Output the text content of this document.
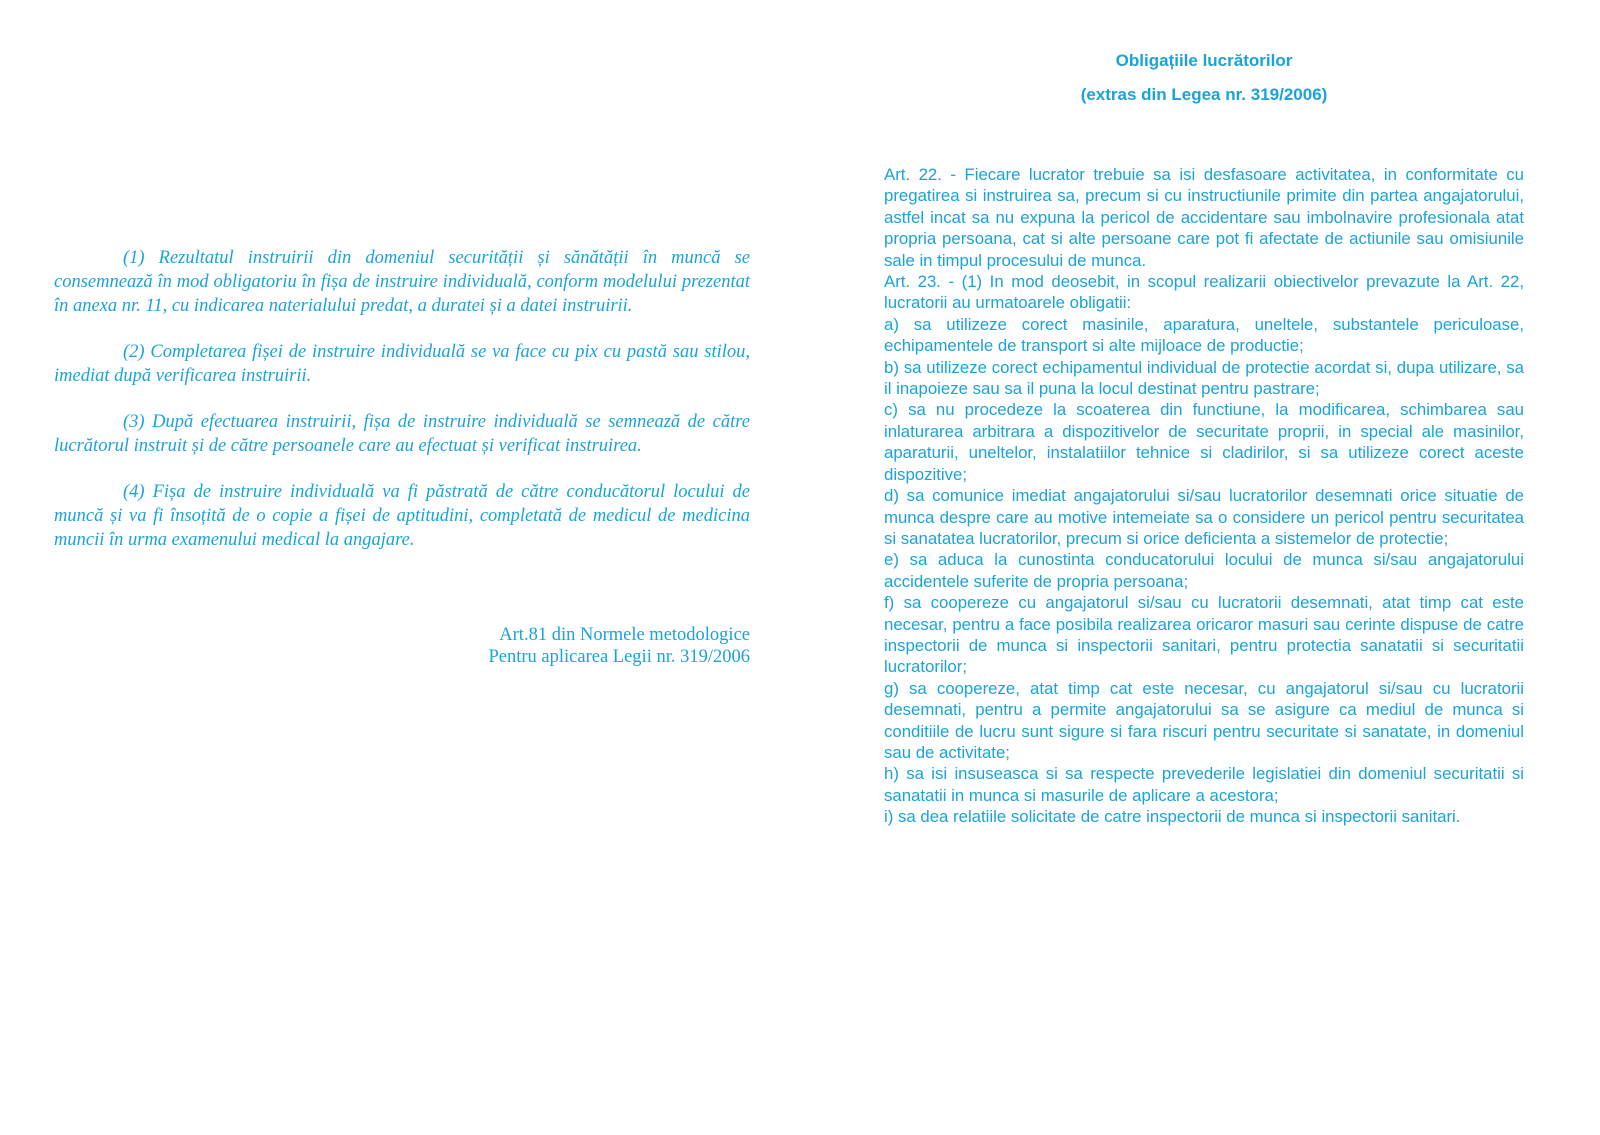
(1) Rezultatul instruirii din domeniul securității și sănătății în muncă se consemnează în mod obligatoriu în fișa de instruire individuală, conform modelului prezentat în anexa nr. 11, cu indicarea naterialului predat, a duratei și a datei instruirii.

(2) Completarea fișei de instruire individuală se va face cu pix cu pastă sau stilou, imediat după verificarea instruirii.

(3) După efectuarea instruirii, fișa de instruire individuală se semnează de către lucrătorul instruit și de către persoanele care au efectuat și verificat instruirea.

(4) Fișa de instruire individuală va fi păstrată de către conducătorul locului de muncă și va fi însoțită de o copie a fișei de aptitudini, completată de medicul de medicina muncii în urma examenului medical la angajare.

Art.81 din Normele metodologice
Pentru aplicarea Legii nr. 319/2006
Obligațiile lucrătorilor
(extras din Legea nr. 319/2006)

Art. 22. - Fiecare lucrator trebuie sa isi desfasoare activitatea, in conformitate cu pregatirea si instruirea sa, precum si cu instructiunile primite din partea angajatorului, astfel incat sa nu expuna la pericol de accidentare sau imbolnavire profesionala atat propria persoana, cat si alte persoane care pot fi afectate de actiunile sau omisiunile sale in timpul procesului de munca.

Art. 23. - (1) In mod deosebit, in scopul realizarii obiectivelor prevazute la Art. 22, lucratorii au urmatoarele obligatii:

a) sa utilizeze corect masinile, aparatura, uneltele, substantele periculoase, echipamentele de transport si alte mijloace de productie;

b) sa utilizeze corect echipamentul individual de protectie acordat si, dupa utilizare, sa il inapoieze sau sa il puna la locul destinat pentru pastrare;

c) sa nu procedeze la scoaterea din functiune, la modificarea, schimbarea sau inlaturarea arbitrara a dispozitivelor de securitate proprii, in special ale masinilor, aparaturii, uneltelor, instalatiilor tehnice si cladirilor, si sa utilizeze corect aceste dispozitive;

d) sa comunice imediat angajatorului si/sau lucratorilor desemnati orice situatie de munca despre care au motive intemeiate sa o considere un pericol pentru securitatea si sanatatea lucratorilor, precum si orice deficienta a sistemelor de protectie;

e) sa aduca la cunostinta conducatorului locului de munca si/sau angajatorului accidentele suferite de propria persoana;

f) sa coopereze cu angajatorul si/sau cu lucratorii desemnati, atat timp cat este necesar, pentru a face posibila realizarea oricaror masuri sau cerinte dispuse de catre inspectorii de munca si inspectorii sanitari, pentru protectia sanatatii si securitatii lucratorilor;

g) sa coopereze, atat timp cat este necesar, cu angajatorul si/sau cu lucratorii desemnati, pentru a permite angajatorului sa se asigure ca mediul de munca si conditiile de lucru sunt sigure si fara riscuri pentru securitate si sanatate, in domeniul sau de activitate;

h) sa isi insuseasca si sa respecte prevederile legislatiei din domeniul securitatii si sanatatii in munca si masurile de aplicare a acestora;

i) sa dea relatiile solicitate de catre inspectorii de munca si inspectorii sanitari.
